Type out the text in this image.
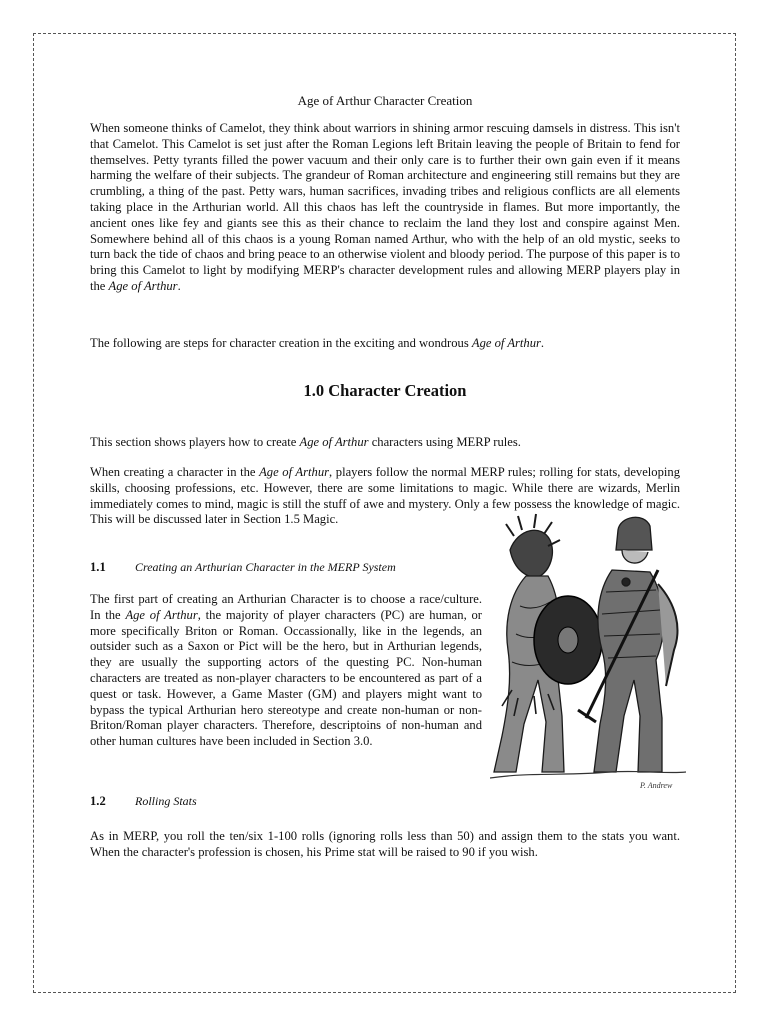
Age of Arthur Character Creation

When someone thinks of Camelot, they think about warriors in shining armor rescuing damsels in distress. This isn't that Camelot. This Camelot is set just after the Roman Legions left Britain leaving the people of Britain to fend for themselves. Petty tyrants filled the power vacuum and their only care is to further their own gain even if it means harming the welfare of their subjects. The grandeur of Roman architecture and engineering still remains but they are crumbling, a thing of the past. Petty wars, human sacrifices, invading tribes and religious conflicts are all elements taking place in the Arthurian world. All this chaos has left the countryside in flames. But more importantly, the ancient ones like fey and giants see this as their chance to reclaim the land they lost and conspire against Men. Somewhere behind all of this chaos is a young Roman named Arthur, who with the help of an old mystic, seeks to turn back the tide of chaos and bring peace to an otherwise violent and bloody period. The purpose of this paper is to bring this Camelot to light by modifying MERP's character development rules and allowing MERP players play in the Age of Arthur.

The following are steps for character creation in the exciting and wondrous Age of Arthur.

1.0 Character Creation

This section shows players how to create Age of Arthur characters using MERP rules.

When creating a character in the Age of Arthur, players follow the normal MERP rules; rolling for stats, developing skills, choosing professions, etc. However, there are some limitations to magic. While there are wizards, Merlin immediately comes to mind, magic is still the stuff of awe and mystery. Only a few possess the knowledge of magic. This will be discussed later in Section 1.5 Magic.

1.1 Creating an Arthurian Character in the MERP System

The first part of creating an Arthurian Character is to choose a race/culture. In the Age of Arthur, the majority of player characters (PC) are human, or more specifically Briton or Roman. Occassionally, like in the legends, an outsider such as a Saxon or Pict will be the hero, but in Arthurian legends, they are usually the supporting actors of the questing PC. Non-human characters are treated as non-player characters to be encountered as part of a quest or task. However, a Game Master (GM) and players might want to bypass the typical Arthurian hero stereotype and create non-human or non-Briton/Roman player characters. Therefore, descriptoins of non-human and other human cultures have been included in Section 3.0.

1.2 Rolling Stats

As in MERP, you roll the ten/six 1-100 rolls (ignoring rolls less than 50) and assign them to the stats you want. When the character's profession is chosen, his Prime stat will be raised to 90 if you wish.

P. Andrew
